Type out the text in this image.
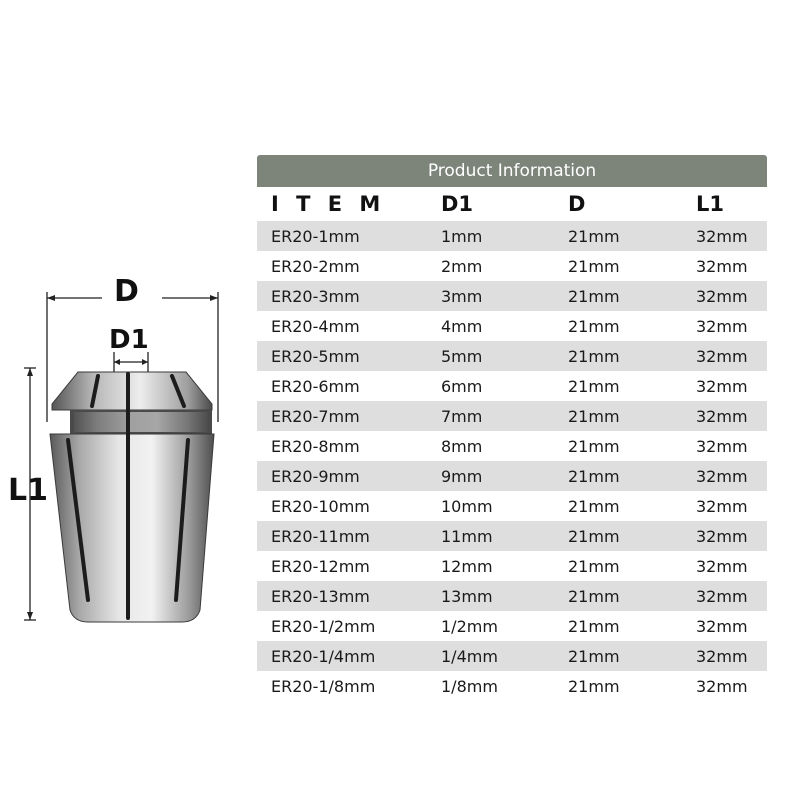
D
D1
L1
Product Information
I T E M	D1	D	L1
ER20-1mm	1mm	21mm	32mm
ER20-2mm	2mm	21mm	32mm
ER20-3mm	3mm	21mm	32mm
ER20-4mm	4mm	21mm	32mm
ER20-5mm	5mm	21mm	32mm
ER20-6mm	6mm	21mm	32mm
ER20-7mm	7mm	21mm	32mm
ER20-8mm	8mm	21mm	32mm
ER20-9mm	9mm	21mm	32mm
ER20-10mm	10mm	21mm	32mm
ER20-11mm	11mm	21mm	32mm
ER20-12mm	12mm	21mm	32mm
ER20-13mm	13mm	21mm	32mm
ER20-1/2mm	1/2mm	21mm	32mm
ER20-1/4mm	1/4mm	21mm	32mm
ER20-1/8mm	1/8mm	21mm	32mm
